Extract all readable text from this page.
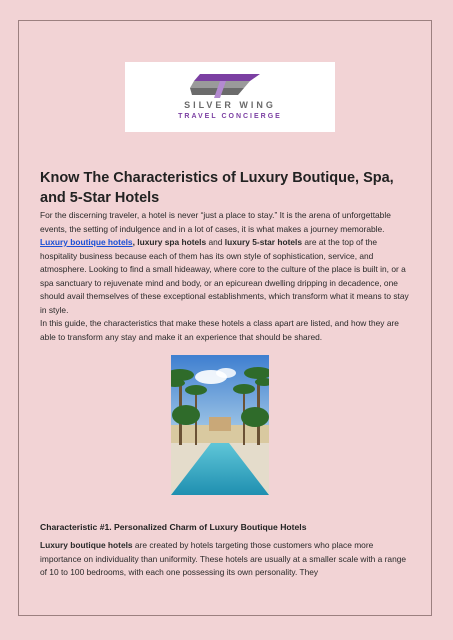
SILVER WING
TRAVEL CONCIERGE
Know The Characteristics of Luxury Boutique, Spa, and 5-Star Hotels

For the discerning traveler, a hotel is never “just a place to stay.” It is the arena of unforgettable events, the setting of indulgence and in a lot of cases, it is what makes a journey memorable. Luxury boutique hotels, luxury spa hotels and luxury 5-star hotels are at the top of the hospitality business because each of them has its own style of sophistication, service, and atmosphere. Looking to find a small hideaway, where core to the culture of the place is built in, or a spa sanctuary to rejuvenate mind and body, or an epicurean dwelling dripping in decadence, one should avail themselves of these exceptional establishments, which transform what it means to stay in style.
In this guide, the characteristics that make these hotels a class apart are listed, and how they are able to transform any stay and make it an experience that should be shared.

Characteristic #1. Personalized Charm of Luxury Boutique Hotels

Luxury boutique hotels are created by hotels targeting those customers who place more importance on individuality than uniformity. These hotels are usually at a smaller scale with a range of 10 to 100 bedrooms, with each one possessing its own personality. They
